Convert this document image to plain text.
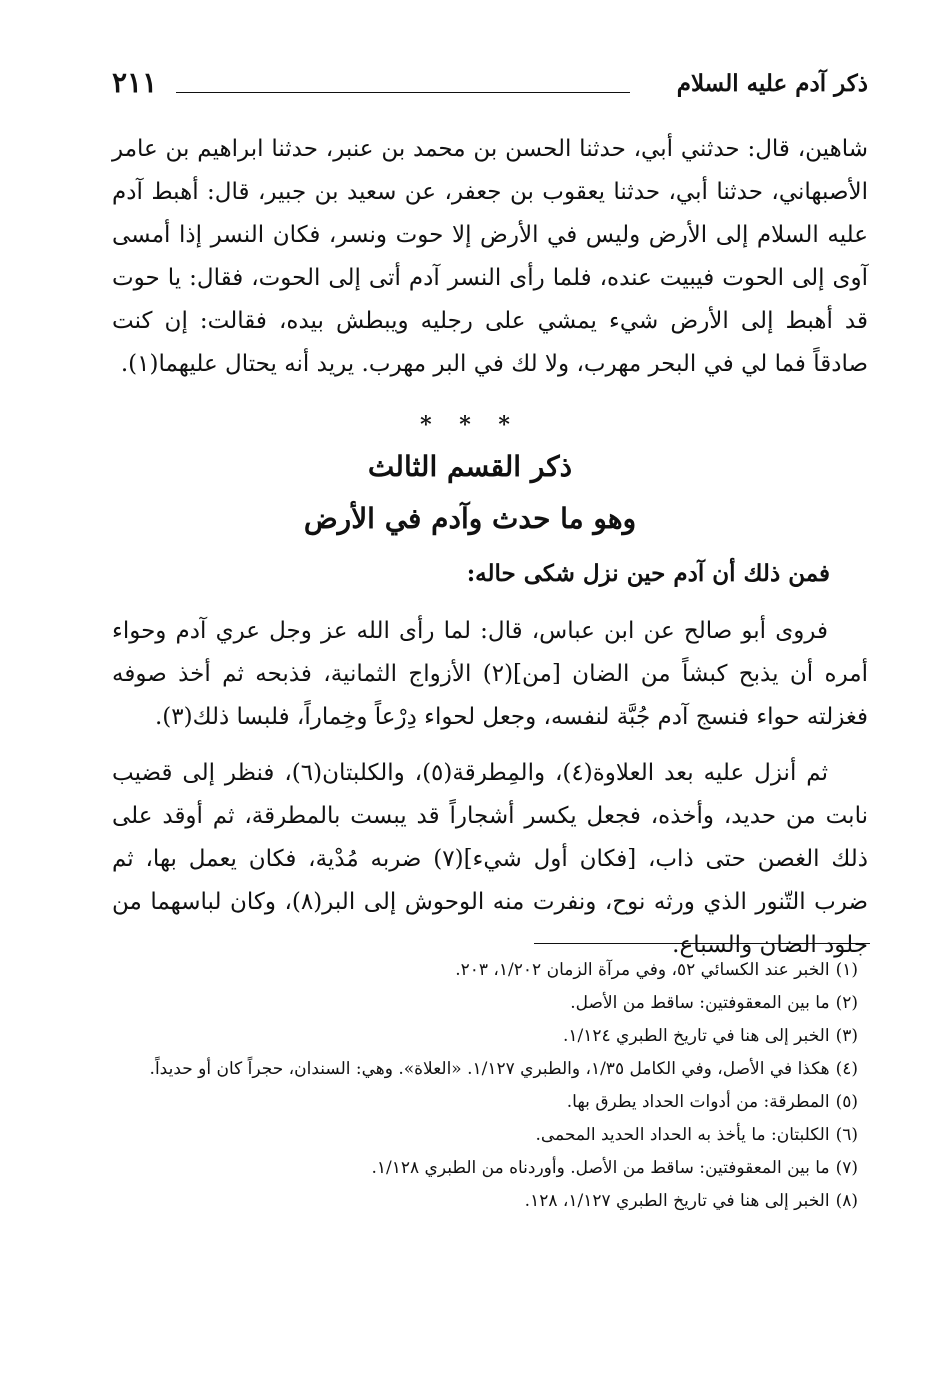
ذكر آدم عليه السلام
٢١١

شاهين، قال: حدثني أبي، حدثنا الحسن بن محمد بن عنبر، حدثنا ابراهيم بن عامر الأصبهاني، حدثنا أبي، حدثنا يعقوب بن جعفر، عن سعيد بن جبير، قال: أهبط آدم عليه السلام إلى الأرض وليس في الأرض إلا حوت ونسر، فكان النسر إذا أمسى آوى إلى الحوت فيبيت عنده، فلما رأى النسر آدم أتى إلى الحوت، فقال: يا حوت قد أهبط إلى الأرض شيء يمشي على رجليه ويبطش بيده، فقالت: إن كنت صادقاً فما لي في البحر مهرب، ولا لك في البر مهرب. يريد أنه يحتال عليهما(١).

* * *
ذكر القسم الثالث
وهو ما حدث وآدم في الأرض
فمن ذلك أن آدم حين نزل شكى حاله:

فروى أبو صالح عن ابن عباس، قال: لما رأى الله عز وجل عري آدم وحواء أمره أن يذبح كبشاً من الضان [من](٢) الأزواج الثمانية، فذبحه ثم أخذ صوفه فغزلته حواء فنسج آدم جُبَّة لنفسه، وجعل لحواء دِرْعاً وخِماراً، فلبسا ذلك(٣).

ثم أنزل عليه بعد العلاوة(٤)، والمِطرقة(٥)، والكلبتان(٦)، فنظر إلى قضيب نابت من حديد، وأخذه، فجعل يكسر أشجاراً قد يبست بالمطرقة، ثم أوقد على ذلك الغصن حتى ذاب، [فكان أول شيء](٧) ضربه مُدْية، فكان يعمل بها، ثم ضرب التّنور الذي ورثه نوح، ونفرت منه الوحوش إلى البر(٨)، وكان لباسهما من جلود الضان والسباع.

(١)الخبر عند الكسائي ٥٢، وفي مرآة الزمان ١/٢٠٢، ٢٠٣.
(٢)ما بين المعقوفتين: ساقط من الأصل.
(٣)الخبر إلى هنا في تاريخ الطبري ١/١٢٤.
(٤)هكذا في الأصل، وفي الكامل ١/٣٥، والطبري ١/١٢٧. «العلاة». وهي: السندان، حجراً كان أو حديداً.
(٥)المطرقة: من أدوات الحداد يطرق بها.
(٦)الكلبتان: ما يأخذ به الحداد الحديد المحمى.
(٧)ما بين المعقوفتين: ساقط من الأصل. وأوردناه من الطبري ١/١٢٨.
(٨)الخبر إلى هنا في تاريخ الطبري ١/١٢٧، ١٢٨.
